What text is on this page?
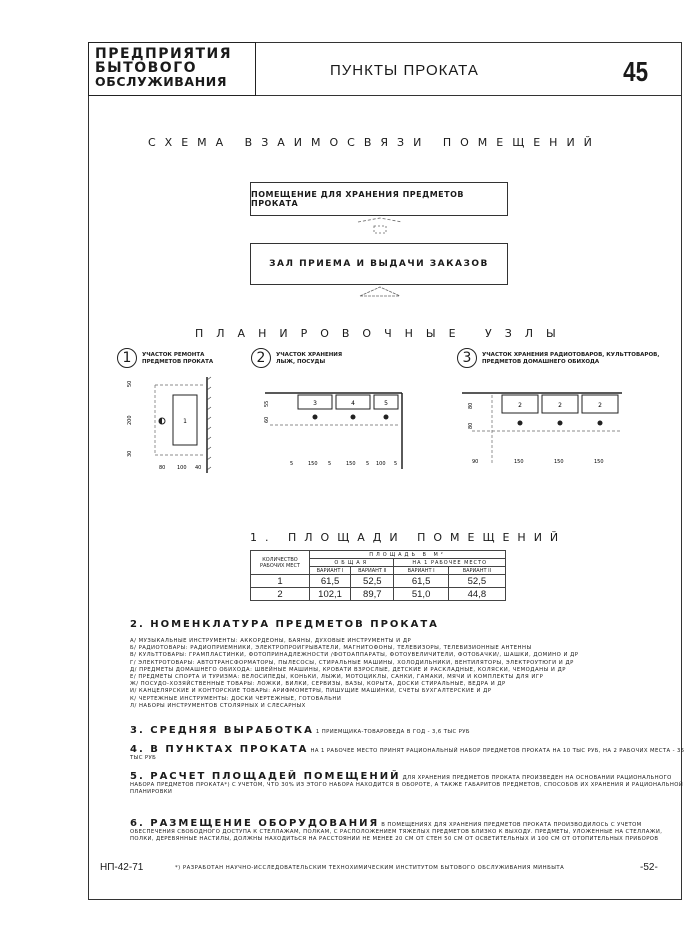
ПРЕДПРИЯТИЯ
БЫТОВОГО
ОБСЛУЖИВАНИЯ
ПУНКТЫ ПРОКАТА	45
СХЕМА ВЗАИМОСВЯЗИ ПОМЕЩЕНИЙ
ПОМЕЩЕНИЕ ДЛЯ ХРАНЕНИЯ ПРЕДМЕТОВ ПРОКАТА
ЗАЛ ПРИЕМА И ВЫДАЧИ ЗАКАЗОВ
ПЛАНИРОВОЧНЫЕ УЗЛЫ
1	УЧАСТОК РЕМОНТА
ПРЕДМЕТОВ ПРОКАТА
1
50
200
30
80 100 40
2	УЧАСТОК ХРАНЕНИЯ
ЛЫЖ, ПОСУДЫ
3	4	5
55
60
5	150 5	150 5 100 5
3	УЧАСТОК ХРАНЕНИЯ РАДИОТОВАРОВ, КУЛЬТТОВАРОВ,
ПРЕДМЕТОВ ДОМАШНЕГО ОБИХОДА
2	2	2
80
80
90	150	150	150
1. ПЛОЩАДИ ПОМЕЩЕНИЙ
КОЛИЧЕСТВО РАБОЧИХ МЕСТ	ПЛОЩАДЬ В М²			
	ОБЩАЯ		НА 1 РАБОЧЕЕ МЕСТО	
	ВАРИАНТ I	ВАРИАНТ II	ВАРИАНТ I	ВАРИАНТ II
1	61,5	52,5	61,5	52,5
2	102,1	89,7	51,0	44,8
2. НОМЕНКЛАТУРА ПРЕДМЕТОВ ПРОКАТА
А/ МУЗЫКАЛЬНЫЕ ИНСТРУМЕНТЫ: АККОРДЕОНЫ, БАЯНЫ, ДУХОВЫЕ ИНСТРУМЕНТЫ И ДР
Б/ РАДИОТОВАРЫ: РАДИОПРИЕМНИКИ, ЭЛЕКТРОПРОИГРЫВАТЕЛИ, МАГНИТОФОНЫ, ТЕЛЕВИЗОРЫ, ТЕЛЕВИЗИОННЫЕ АНТЕННЫ
В/ КУЛЬТТОВАРЫ: ГРАМПЛАСТИНКИ, ФОТОПРИНАДЛЕЖНОСТИ /ФОТОАППАРАТЫ, ФОТОУВЕЛИЧИТЕЛИ, ФОТОБАЧКИ/, ШАШКИ, ДОМИНО И ДР
Г/ ЭЛЕКТРОТОВАРЫ: АВТОТРАНСФОРМАТОРЫ, ПЫЛЕСОСЫ, СТИРАЛЬНЫЕ МАШИНЫ, ХОЛОДИЛЬНИКИ, ВЕНТИЛЯТОРЫ, ЭЛЕКТРОУТЮГИ И ДР
Д/ ПРЕДМЕТЫ ДОМАШНЕГО ОБИХОДА: ШВЕЙНЫЕ МАШИНЫ, КРОВАТИ ВЗРОСЛЫЕ, ДЕТСКИЕ И РАСКЛАДНЫЕ, КОЛЯСКИ, ЧЕМОДАНЫ И ДР
Е/ ПРЕДМЕТЫ СПОРТА И ТУРИЗМА: ВЕЛОСИПЕДЫ, КОНЬКИ, ЛЫЖИ, МОТОЦИКЛЫ, САНКИ, ГАМАКИ, МЯЧИ И КОМПЛЕКТЫ ДЛЯ ИГР
Ж/ ПОСУДО-ХОЗЯЙСТВЕННЫЕ ТОВАРЫ: ЛОЖКИ, ВИЛКИ, СЕРВИЗЫ, ВАЗЫ, КОРЫТА, ДОСКИ СТИРАЛЬНЫЕ, ВЕДРА И ДР
И/ КАНЦЕЛЯРСКИЕ И КОНТОРСКИЕ ТОВАРЫ: АРИФМОМЕТРЫ, ПИШУЩИЕ МАШИНКИ, СЧЕТЫ БУХГАЛТЕРСКИЕ И ДР
К/ ЧЕРТЕЖНЫЕ ИНСТРУМЕНТЫ: ДОСКИ ЧЕРТЕЖНЫЕ, ГОТОВАЛЬНИ
Л/ НАБОРЫ ИНСТРУМЕНТОВ СТОЛЯРНЫХ И СЛЕСАРНЫХ
3. СРЕДНЯЯ ВЫРАБОТКА 1 ПРИЕМЩИКА-ТОВАРОВЕДА В ГОД - 3,6 ТЫС РУБ
4. В ПУНКТАХ ПРОКАТА НА 1 РАБОЧЕЕ МЕСТО ПРИНЯТ РАЦИОНАЛЬНЫЙ НАБОР ПРЕДМЕТОВ ПРОКАТА НА 10 ТЫС РУБ, НА 2 РАБОЧИХ МЕСТА - 35 ТЫС РУБ
5. РАСЧЕТ ПЛОЩАДЕЙ ПОМЕЩЕНИЙ ДЛЯ ХРАНЕНИЯ ПРЕДМЕТОВ ПРОКАТА ПРОИЗВЕДЕН НА ОСНОВАНИИ РАЦИОНАЛЬНОГО НАБОРА ПРЕДМЕТОВ ПРОКАТА*) С УЧЕТОМ, ЧТО 30% ИЗ ЭТОГО НАБОРА НАХОДИТСЯ В ОБОРОТЕ, А ТАКЖЕ ГАБАРИТОВ ПРЕДМЕТОВ, СПОСОБОВ ИХ ХРАНЕНИЯ И РАЦИОНАЛЬНОЙ ПЛАНИРОВКИ
6. РАЗМЕЩЕНИЕ ОБОРУДОВАНИЯ В ПОМЕЩЕНИЯХ ДЛЯ ХРАНЕНИЯ ПРЕДМЕТОВ ПРОКАТА ПРОИЗВОДИЛОСЬ С УЧЕТОМ ОБЕСПЕЧЕНИЯ СВОБОДНОГО ДОСТУПА К СТЕЛЛАЖАМ, ПОЛКАМ, С РАСПОЛОЖЕНИЕМ ТЯЖЕЛЫХ ПРЕДМЕТОВ БЛИЗКО К ВЫХОДУ. ПРЕДМЕТЫ, УЛОЖЕННЫЕ НА СТЕЛЛАЖИ, ПОЛКИ, ДЕРЕВЯННЫЕ НАСТИЛЫ, ДОЛЖНЫ НАХОДИТЬСЯ НА РАССТОЯНИИ НЕ МЕНЕЕ 20 СМ ОТ СТЕН 50 СМ ОТ ОСВЕТИТЕЛЬНЫХ И 100 СМ ОТ ОТОПИТЕЛЬНЫХ ПРИБОРОВ
НП-42-71	*) РАЗРАБОТАН НАУЧНО-ИССЛЕДОВАТЕЛЬСКИМ ТЕХНОХИМИЧЕСКИМ ИНСТИТУТОМ БЫТОВОГО ОБСЛУЖИВАНИЯ МИНБЫТА	-52-
